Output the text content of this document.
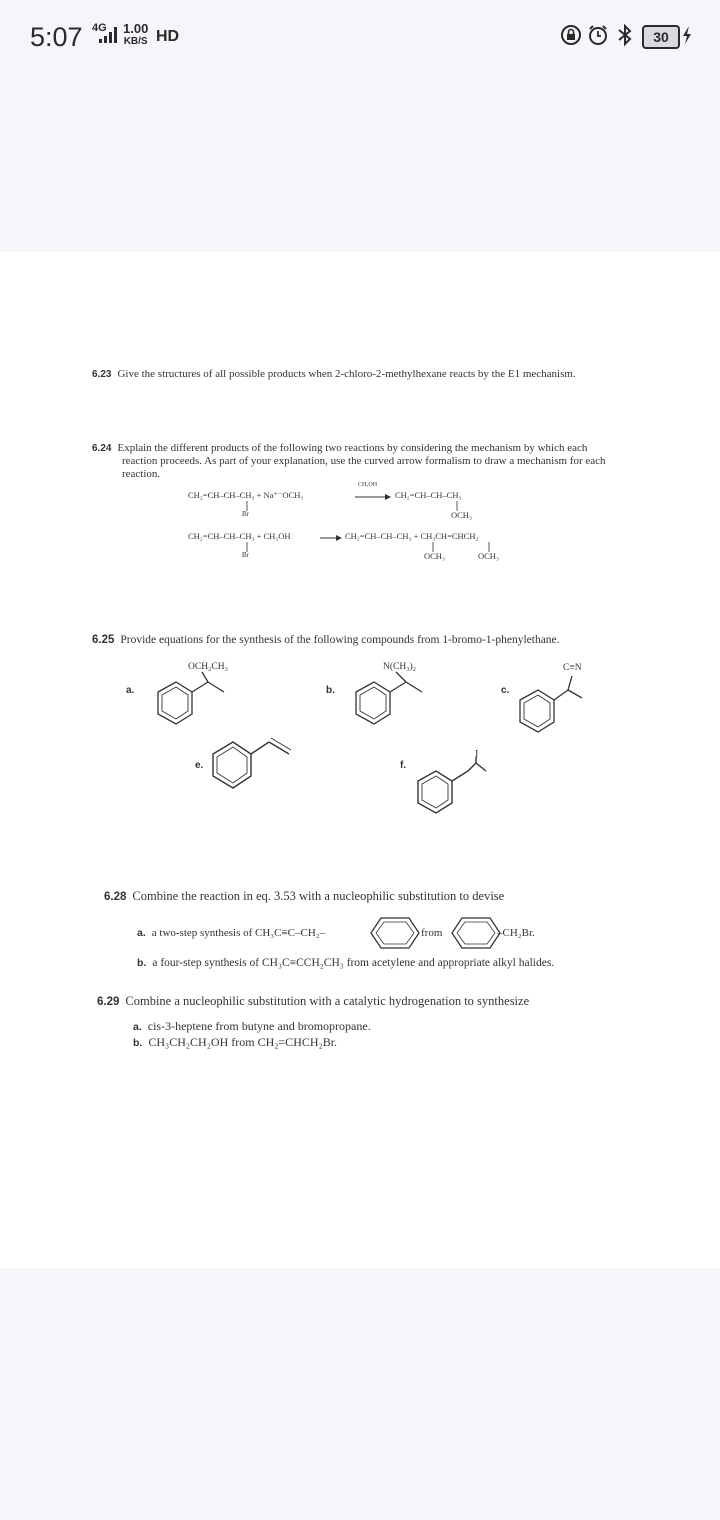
5:07 4G 1.00
KB/S HD	30
6.23 Give the structures of all possible products when 2-chloro-2-methylhexane reacts by the E1 mechanism.
6.24 Explain the different products of the following two reactions by considering the mechanism by which each reaction proceeds. As part of your explanation, use the curved arrow formalism to draw a mechanism for each reaction.
CH₂=CH–CH–CH₃ + Na⁺⁻OCH₃
CH₃OH
CH₂=CH–CH–CH₃
Br	OCH₃
CH₂=CH–CH–CH₃ + CH₃OH	CH₂=CH–CH–CH₃ + CH₃CH=CHCH₂
Br	OCH₃	OCH₃
6.25 Provide equations for the synthesis of the following compounds from 1-bromo-1-phenylethane.
a.
OCH₂CH₃
b.
N(CH₃)₂
c.
C≡N
e.	f.
I
6.28 Combine the reaction in eq. 3.53 with a nucleophilic substitution to devise
a. a two-step synthesis of CH₃C≡C–CH₂–	from	–CH₂Br.
b. a four-step synthesis of CH₃C≡CCH₂CH₃ from acetylene and appropriate alkyl halides.
6.29 Combine a nucleophilic substitution with a catalytic hydrogenation to synthesize
a. cis-3-heptene from butyne and bromopropane.
b. CH₃CH₂CH₂OH from CH₂=CHCH₂Br.
